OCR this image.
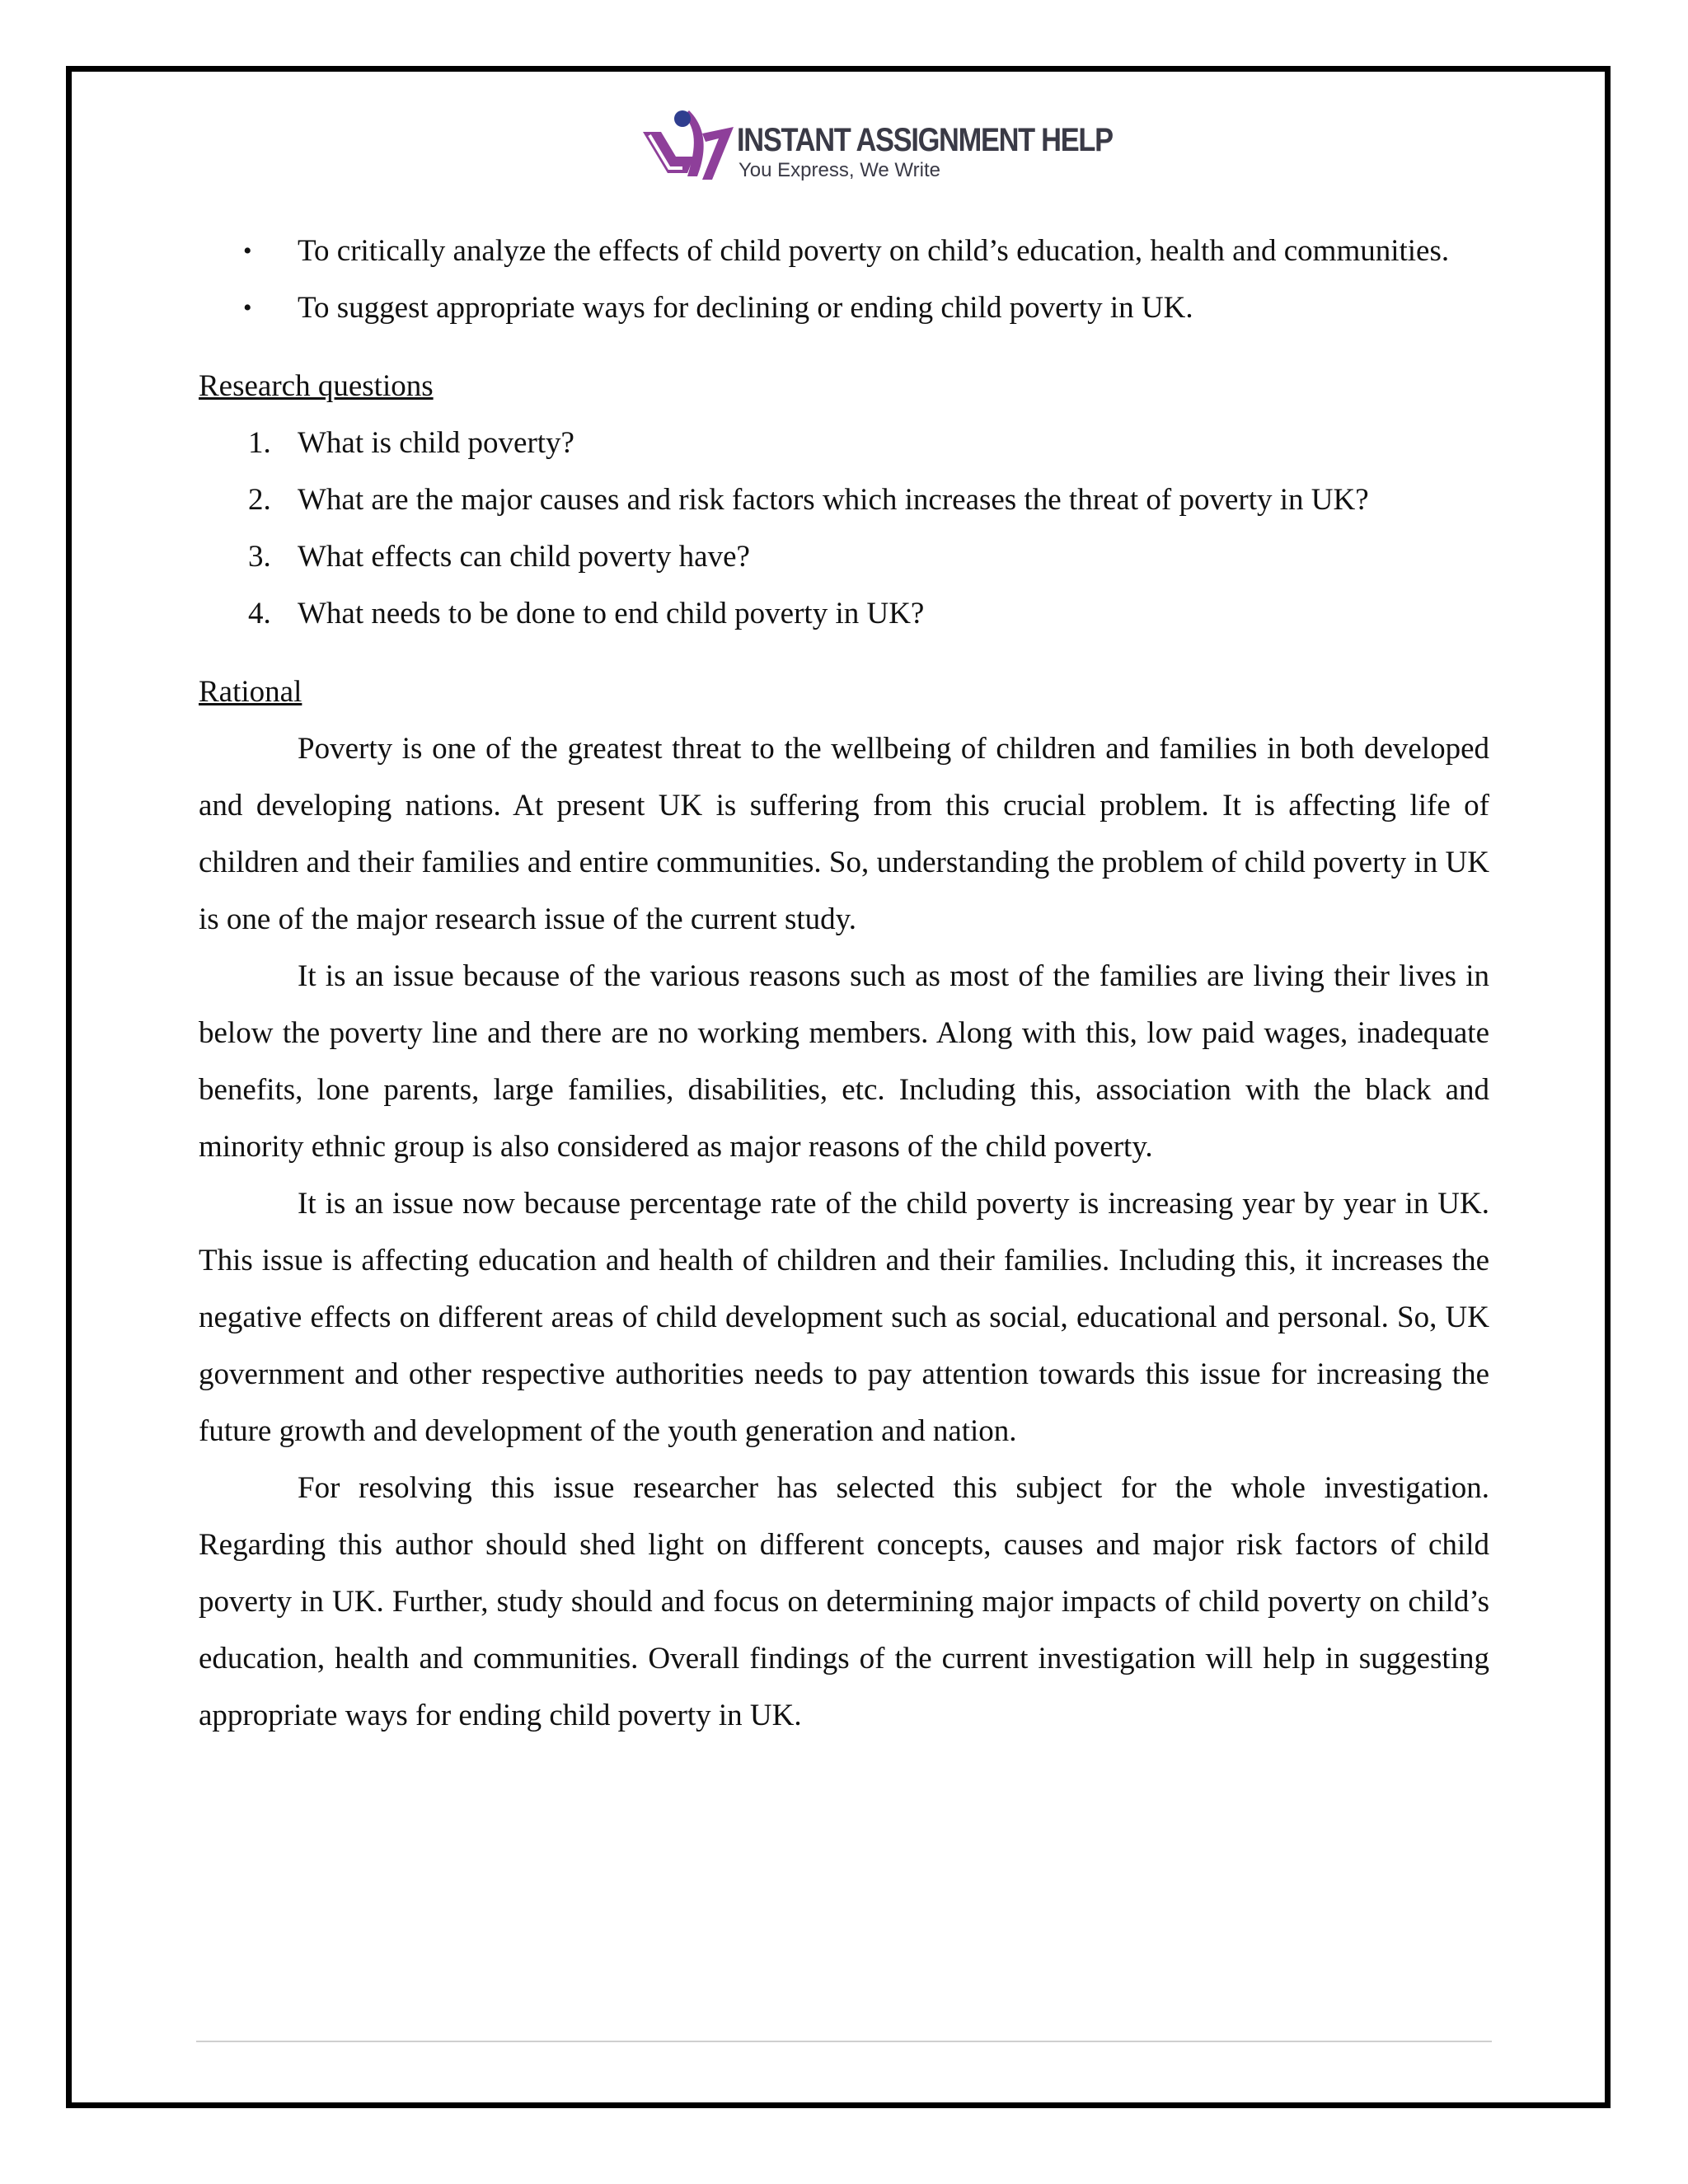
INSTANT ASSIGNMENT HELP
You Express, We Write
• To critically analyze the effects of child poverty on child’s education, health and communities.
• To suggest appropriate ways for declining or ending child poverty in UK.
Research questions
1. What is child poverty?
2. What are the major causes and risk factors which increases the threat of poverty in UK?
3. What effects can child poverty have?
4. What needs to be done to end child poverty in UK?
Rational

Poverty is one of the greatest threat to the wellbeing of children and families in both developed and developing nations. At present UK is suffering from this crucial problem. It is affecting life of children and their families and entire communities. So, understanding the problem of child poverty in UK is one of the major research issue of the current study.

It is an issue because of the various reasons such as most of the families are living their lives in below the poverty line and there are no working members. Along with this, low paid wages, inadequate benefits, lone parents, large families, disabilities, etc. Including this, association with the black and minority ethnic group is also considered as major reasons of the child poverty.

It is an issue now because percentage rate of the child poverty is increasing year by year in UK. This issue is affecting education and health of children and their families. Including this, it increases the negative effects on different areas of child development such as social, educational and personal. So, UK government and other respective authorities needs to pay attention towards this issue for increasing the future growth and development of the youth generation and nation.

For resolving this issue researcher has selected this subject for the whole investigation. Regarding this author should shed light on different concepts, causes and major risk factors of child poverty in UK. Further, study should and focus on determining major impacts of child poverty on child’s education, health and communities. Overall findings of the current investigation will help in suggesting appropriate ways for ending child poverty in UK.
